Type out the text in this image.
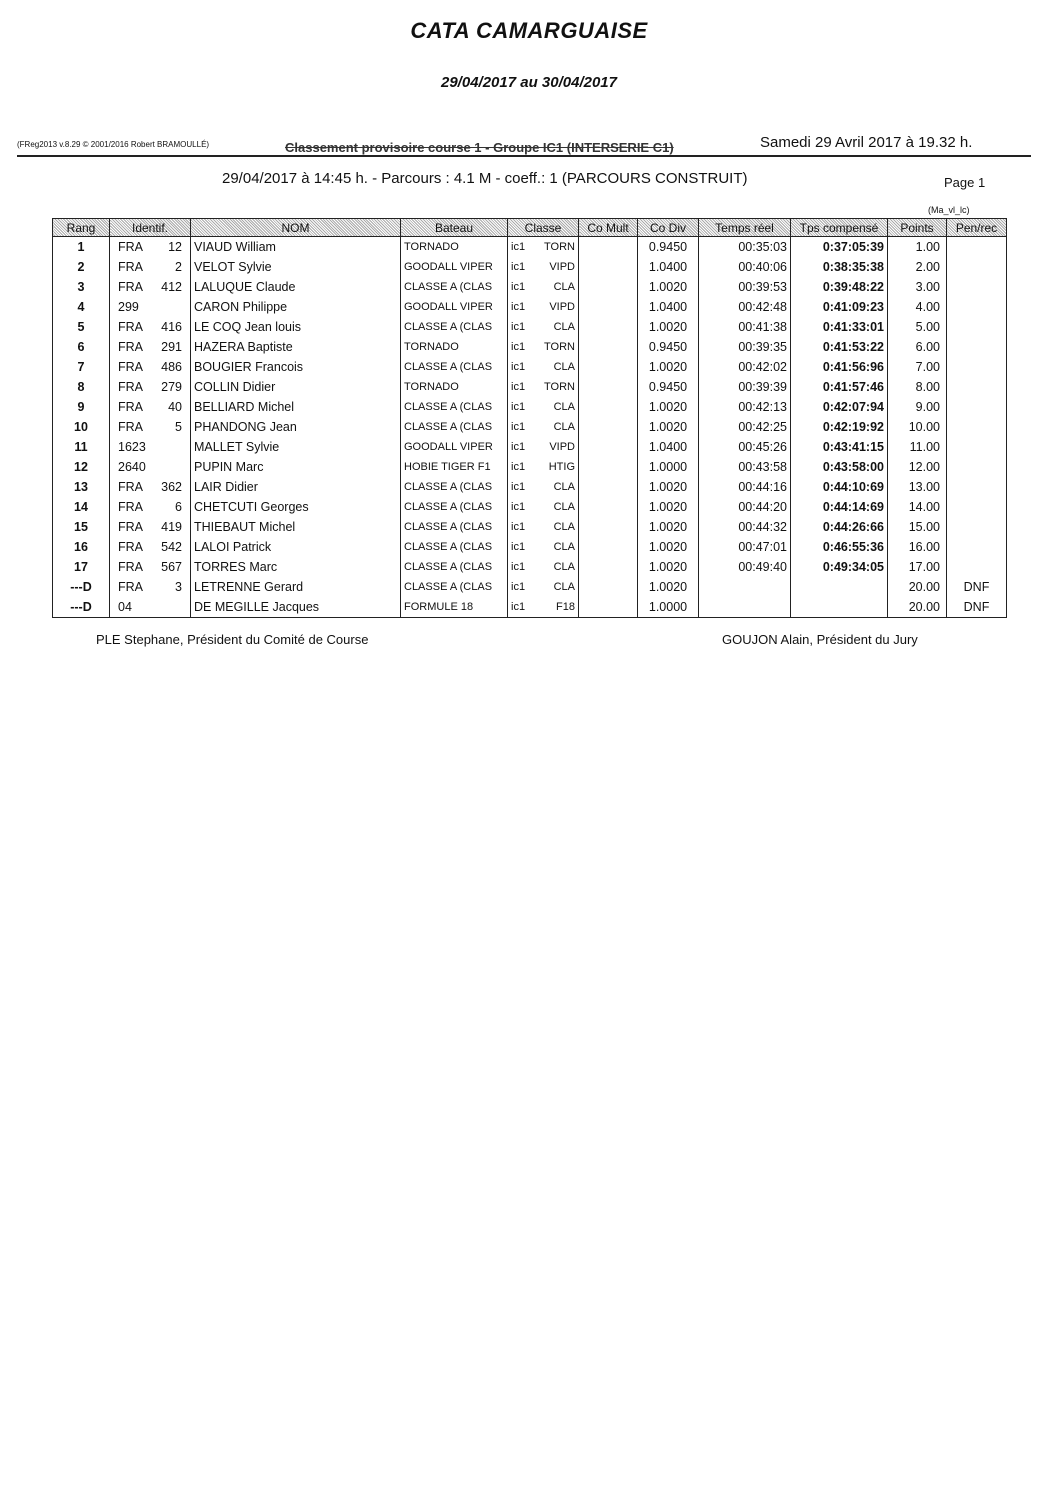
CATA CAMARGUAISE
29/04/2017 au 30/04/2017
(FReg2013 v.8.29 © 2001/2016 Robert BRAMOULLÉ)	Classement provisoire course 1 - Groupe IC1 (INTERSERIE C1)	Samedi 29 Avril 2017 à 19.32 h.
29/04/2017 à 14:45 h. - Parcours : 4.1 M - coeff.: 1 (PARCOURS CONSTRUIT)	Page 1
(Ma_vl_lc)
Rang	Identif.	NOM	Bateau	Classe	Co Mult	Co Div	Temps réel	Tps compensé	Points	Pen/rec
1	FRA 12	VIAUD William	TORNADO	ic1 TORN		0.9450	00:35:03	0:37:05:39	1.00	
2	FRA 2	VELOT Sylvie	GOODALL VIPER	ic1 VIPD		1.0400	00:40:06	0:38:35:38	2.00	
3	FRA 412	LALUQUE Claude	CLASSE A (CLAS	ic1 CLA		1.0020	00:39:53	0:39:48:22	3.00	
4	299	CARON Philippe	GOODALL VIPER	ic1 VIPD		1.0400	00:42:48	0:41:09:23	4.00	
5	FRA 416	LE COQ Jean louis	CLASSE A (CLAS	ic1 CLA		1.0020	00:41:38	0:41:33:01	5.00	
6	FRA 291	HAZERA Baptiste	TORNADO	ic1 TORN		0.9450	00:39:35	0:41:53:22	6.00	
7	FRA 486	BOUGIER Francois	CLASSE A (CLAS	ic1 CLA		1.0020	00:42:02	0:41:56:96	7.00	
8	FRA 279	COLLIN Didier	TORNADO	ic1 TORN		0.9450	00:39:39	0:41:57:46	8.00	
9	FRA 40	BELLIARD Michel	CLASSE A (CLAS	ic1 CLA		1.0020	00:42:13	0:42:07:94	9.00	
10	FRA 5	PHANDONG Jean	CLASSE A (CLAS	ic1 CLA		1.0020	00:42:25	0:42:19:92	10.00	
11	1623	MALLET Sylvie	GOODALL VIPER	ic1 VIPD		1.0400	00:45:26	0:43:41:15	11.00	
12	2640	PUPIN Marc	HOBIE TIGER F1	ic1 HTIG		1.0000	00:43:58	0:43:58:00	12.00	
13	FRA 362	LAIR Didier	CLASSE A (CLAS	ic1 CLA		1.0020	00:44:16	0:44:10:69	13.00	
14	FRA 6	CHETCUTI Georges	CLASSE A (CLAS	ic1 CLA		1.0020	00:44:20	0:44:14:69	14.00	
15	FRA 419	THIEBAUT Michel	CLASSE A (CLAS	ic1 CLA		1.0020	00:44:32	0:44:26:66	15.00	
16	FRA 542	LALOI Patrick	CLASSE A (CLAS	ic1 CLA		1.0020	00:47:01	0:46:55:36	16.00	
17	FRA 567	TORRES Marc	CLASSE A (CLAS	ic1 CLA		1.0020	00:49:40	0:49:34:05	17.00	
---D	FRA 3	LETRENNE Gerard	CLASSE A (CLAS	ic1 CLA		1.0020			20.00	DNF
---D	04	DE MEGILLE Jacques	FORMULE 18	ic1 F18		1.0000			20.00	DNF
PLE Stephane, Président du Comité de Course	GOUJON Alain, Président du Jury
